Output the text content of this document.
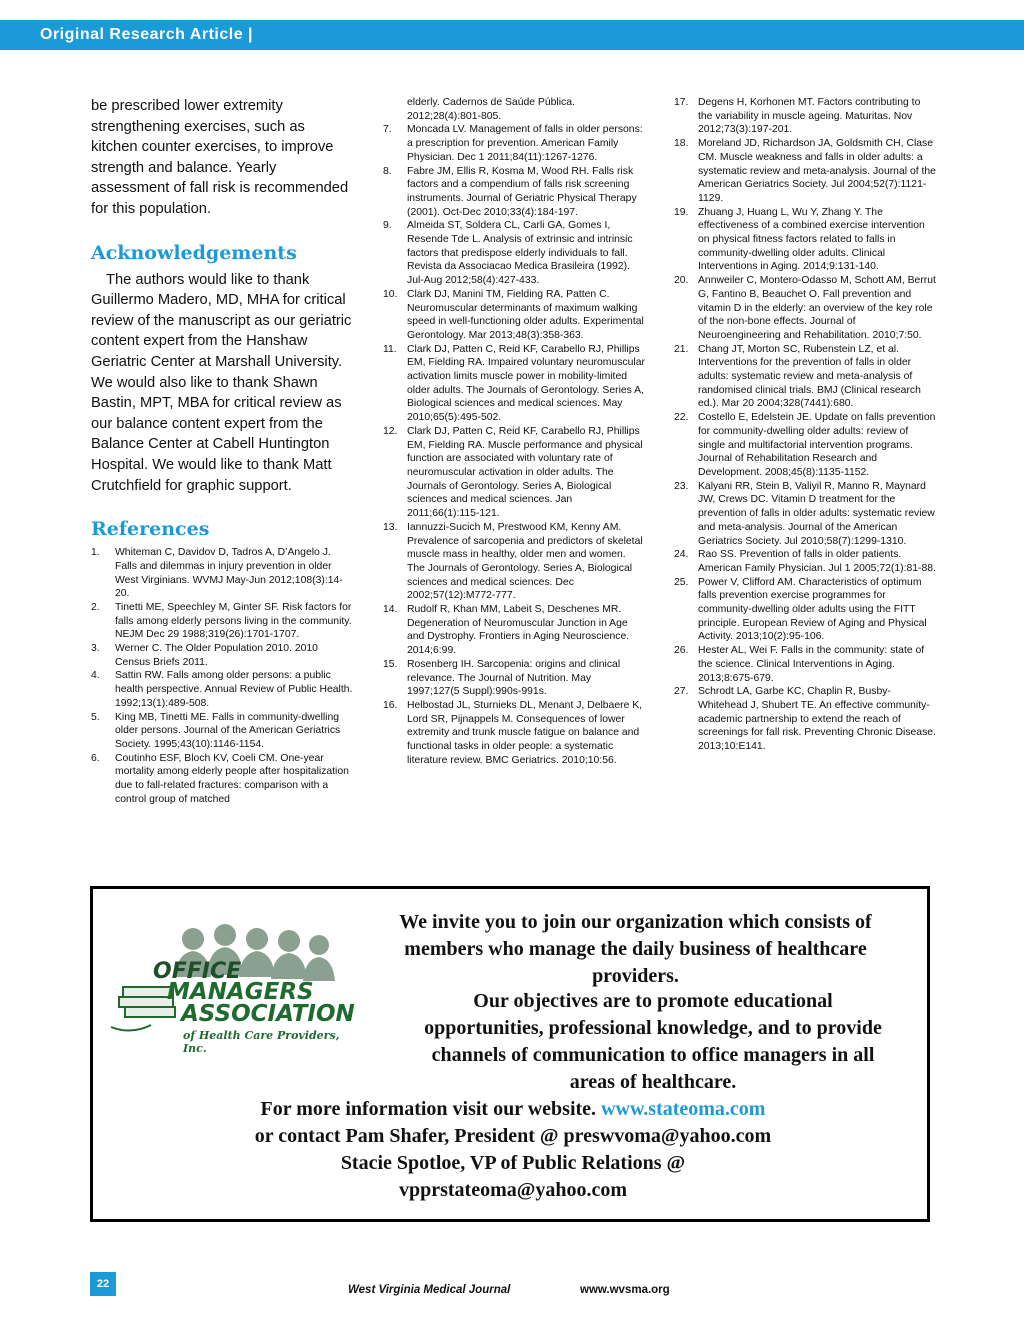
Original Research Article |

be prescribed lower extremity strengthening exercises, such as kitchen counter exercises, to improve strength and balance. Yearly assessment of fall risk is recommended for this population.

Acknowledgements

The authors would like to thank Guillermo Madero, MD, MHA for critical review of the manuscript as our geriatric content expert from the Hanshaw Geriatric Center at Marshall University. We would also like to thank Shawn Bastin, MPT, MBA for critical review as our balance content expert from the Balance Center at Cabell Huntington Hospital. We would like to thank Matt Crutchfield for graphic support.

References
1. Whiteman C, Davidov D, Tadros A, D’Angelo J. Falls and dilemmas in injury prevention in older West Virginians. WVMJ May-Jun 2012;108(3):14-20.
2. Tinetti ME, Speechley M, Ginter SF. Risk factors for falls among elderly persons living in the community. NEJM Dec 29 1988;319(26):1701-1707.
3. Werner C. The Older Population 2010. 2010 Census Briefs 2011.
4. Sattin RW. Falls among older persons: a public health perspective. Annual Review of Public Health. 1992;13(1):489-508.
5. King MB, Tinetti ME. Falls in community-dwelling older persons. Journal of the American Geriatrics Society. 1995;43(10):1146-1154.
6. Coutinho ESF, Bloch KV, Coeli CM. One-year mortality among elderly people after hospitalization due to fall-related fractures: comparison with a control group of matched
elderly. Cadernos de Saúde Pública. 2012;28(4):801-805.
7. Moncada LV. Management of falls in older persons: a prescription for prevention. American Family Physician. Dec 1 2011;84(11):1267-1276.
8. Fabre JM, Ellis R, Kosma M, Wood RH. Falls risk factors and a compendium of falls risk screening instruments. Journal of Geriatric Physical Therapy (2001). Oct-Dec 2010;33(4):184-197.
9. Almeida ST, Soldera CL, Carli GA, Gomes I, Resende Tde L. Analysis of extrinsic and intrinsic factors that predispose elderly individuals to fall. Revista da Associacao Medica Brasileira (1992). Jul-Aug 2012;58(4):427-433.
10. Clark DJ, Manini TM, Fielding RA, Patten C. Neuromuscular determinants of maximum walking speed in well-functioning older adults. Experimental Gerontology. Mar 2013;48(3):358-363.
11. Clark DJ, Patten C, Reid KF, Carabello RJ, Phillips EM, Fielding RA. Impaired voluntary neuromuscular activation limits muscle power in mobility-limited older adults. The Journals of Gerontology. Series A, Biological sciences and medical sciences. May 2010;65(5):495-502.
12. Clark DJ, Patten C, Reid KF, Carabello RJ, Phillips EM, Fielding RA. Muscle performance and physical function are associated with voluntary rate of neuromuscular activation in older adults. The Journals of Gerontology. Series A, Biological sciences and medical sciences. Jan 2011;66(1):115-121.
13. Iannuzzi-Sucich M, Prestwood KM, Kenny AM. Prevalence of sarcopenia and predictors of skeletal muscle mass in healthy, older men and women. The Journals of Gerontology. Series A, Biological sciences and medical sciences. Dec 2002;57(12):M772-777.
14. Rudolf R, Khan MM, Labeit S, Deschenes MR. Degeneration of Neuromuscular Junction in Age and Dystrophy. Frontiers in Aging Neuroscience. 2014;6:99.
15. Rosenberg IH. Sarcopenia: origins and clinical relevance. The Journal of Nutrition. May 1997;127(5 Suppl):990s-991s.
16. Helbostad JL, Sturnieks DL, Menant J, Delbaere K, Lord SR, Pijnappels M. Consequences of lower extremity and trunk muscle fatigue on balance and functional tasks in older people: a systematic literature review. BMC Geriatrics. 2010;10:56.
17. Degens H, Korhonen MT. Factors contributing to the variability in muscle ageing. Maturitas. Nov 2012;73(3):197-201.
18. Moreland JD, Richardson JA, Goldsmith CH, Clase CM. Muscle weakness and falls in older adults: a systematic review and meta-analysis. Journal of the American Geriatrics Society. Jul 2004;52(7):1121-1129.
19. Zhuang J, Huang L, Wu Y, Zhang Y. The effectiveness of a combined exercise intervention on physical fitness factors related to falls in community-dwelling older adults. Clinical Interventions in Aging. 2014;9:131-140.
20. Annweiler C, Montero-Odasso M, Schott AM, Berrut G, Fantino B, Beauchet O. Fall prevention and vitamin D in the elderly: an overview of the key role of the non-bone effects. Journal of Neuroengineering and Rehabilitation. 2010;7:50.
21. Chang JT, Morton SC, Rubenstein LZ, et al. Interventions for the prevention of falls in older adults: systematic review and meta-analysis of randomised clinical trials. BMJ (Clinical research ed.). Mar 20 2004;328(7441):680.
22. Costello E, Edelstein JE. Update on falls prevention for community-dwelling older adults: review of single and multifactorial intervention programs. Journal of Rehabilitation Research and Development. 2008;45(8):1135-1152.
23. Kalyani RR, Stein B, Valiyil R, Manno R, Maynard JW, Crews DC. Vitamin D treatment for the prevention of falls in older adults: systematic review and meta-analysis. Journal of the American Geriatrics Society. Jul 2010;58(7):1299-1310.
24. Rao SS. Prevention of falls in older patients. American Family Physician. Jul 1 2005;72(1):81-88.
25. Power V, Clifford AM. Characteristics of optimum falls prevention exercise programmes for community-dwelling older adults using the FITT principle. European Review of Aging and Physical Activity. 2013;10(2):95-106.
26. Hester AL, Wei F. Falls in the community: state of the science. Clinical Interventions in Aging. 2013;8:675-679.
27. Schrodt LA, Garbe KC, Chaplin R, Busby-Whitehead J, Shubert TE. An effective community-academic partnership to extend the reach of screenings for fall risk. Preventing Chronic Disease. 2013;10:E141.
OFFICE
MANAGERS
ASSOCIATION
of Health Care Providers, Inc.
We invite you to join our organization which consists of members who manage the daily business of healthcare providers.
Our objectives are to promote educational opportunities, professional knowledge, and to provide channels of communication to office managers in all areas of healthcare.
For more information visit our website. www.stateoma.com
or contact Pam Shafer, President @ preswvoma@yahoo.com
Stacie Spotloe, VP of Public Relations @
vpprstateoma@yahoo.com
22	West Virginia Medical Journal	www.wvsma.org
